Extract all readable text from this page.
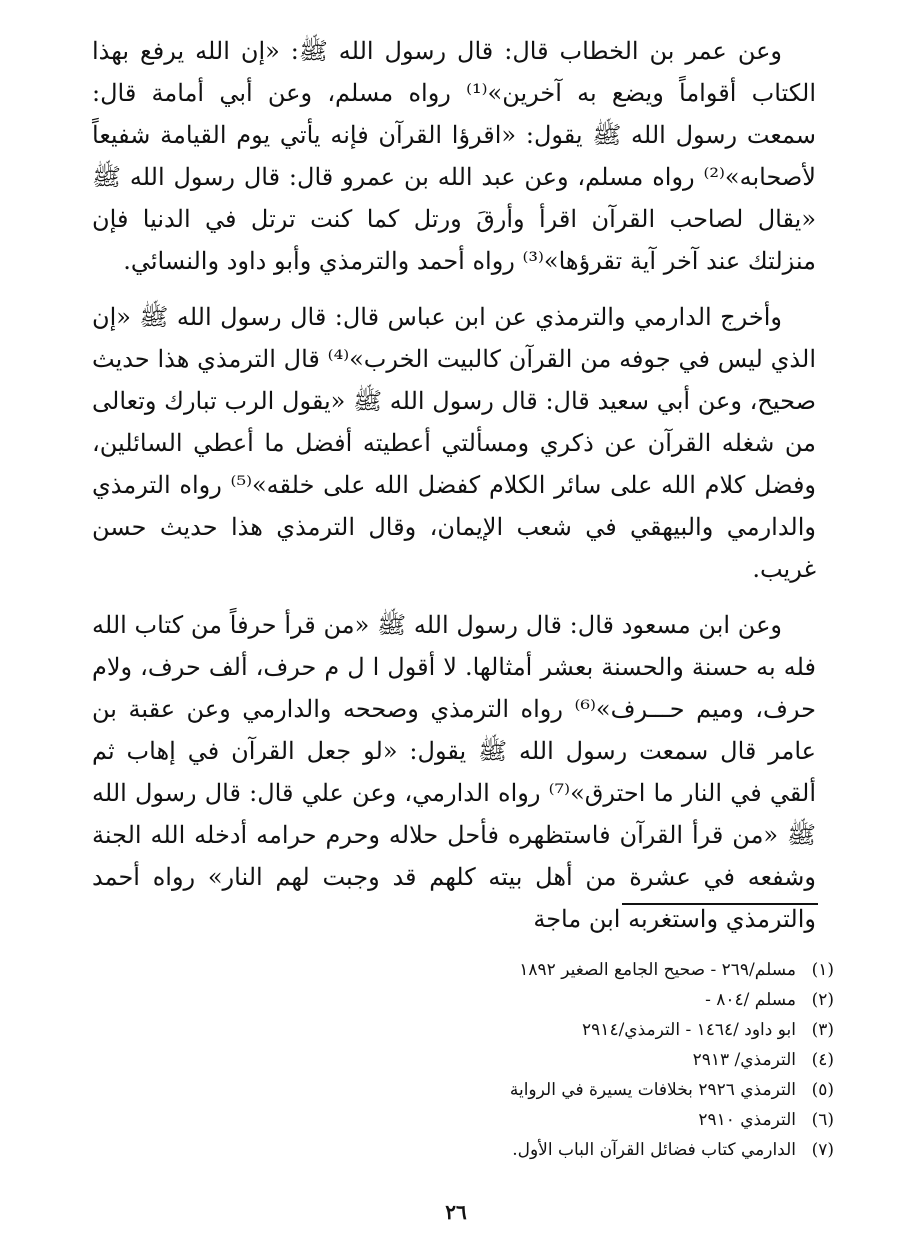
وعن عمر بن الخطاب قال: قال رسول الله ﷺ: «إن الله يرفع بهذا الكتاب أقواماً ويضع به آخرين»⁽¹⁾ رواه مسلم، وعن أبي أمامة قال: سمعت رسول الله ﷺ يقول: «اقرؤا القرآن فإنه يأتي يوم القيامة شفيعاً لأصحابه»⁽²⁾ رواه مسلم، وعن عبد الله بن عمرو قال: قال رسول الله ﷺ «يقال لصاحب القرآن اقرأ وأرقَ ورتل كما كنت ترتل في الدنيا فإن منزلتك عند آخر آية تقرؤها»⁽³⁾ رواه أحمد والترمذي وأبو داود والنسائي.

وأخرج الدارمي والترمذي عن ابن عباس قال: قال رسول الله ﷺ «إن الذي ليس في جوفه من القرآن كالبيت الخرب»⁽⁴⁾ قال الترمذي هذا حديث صحيح، وعن أبي سعيد قال: قال رسول الله ﷺ «يقول الرب تبارك وتعالى من شغله القرآن عن ذكري ومسألتي أعطيته أفضل ما أعطي السائلين، وفضل كلام الله على سائر الكلام كفضل الله على خلقه»⁽⁵⁾ رواه الترمذي والدارمي والبيهقي في شعب الإيمان، وقال الترمذي هذا حديث حسن غريب.

وعن ابن مسعود قال: قال رسول الله ﷺ «من قرأ حرفاً من كتاب الله فله به حسنة والحسنة بعشر أمثالها. لا أقول ا ل م حرف، ألف حرف، ولام حرف، وميم حـــرف»⁽⁶⁾ رواه الترمذي وصححه والدارمي وعن عقبة بن عامر قال سمعت رسول الله ﷺ يقول: «لو جعل القرآن في إهاب ثم ألقي في النار ما احترق»⁽⁷⁾ رواه الدارمي، وعن علي قال: قال رسول الله ﷺ «من قرأ القرآن فاستظهره فأحل حلاله وحرم حرامه أدخله الله الجنة وشفعه في عشرة من أهل بيته كلهم قد وجبت لهم النار» رواه أحمد والترمذي واستغربه ابن ماجة

(١)مسلم/٢٦٩ - صحيح الجامع الصغير ١٨٩٢
(٢)مسلم /٨٠٤ -
(٣)ابو داود /١٤٦٤ - الترمذي/٢٩١٤
(٤)الترمذي/ ٢٩١٣
(٥)الترمذي ٢٩٢٦ بخلافات يسيرة في الرواية
(٦)الترمذي ٢٩١٠
(٧)الدارمي كتاب فضائل القرآن الباب الأول.
٢٦
